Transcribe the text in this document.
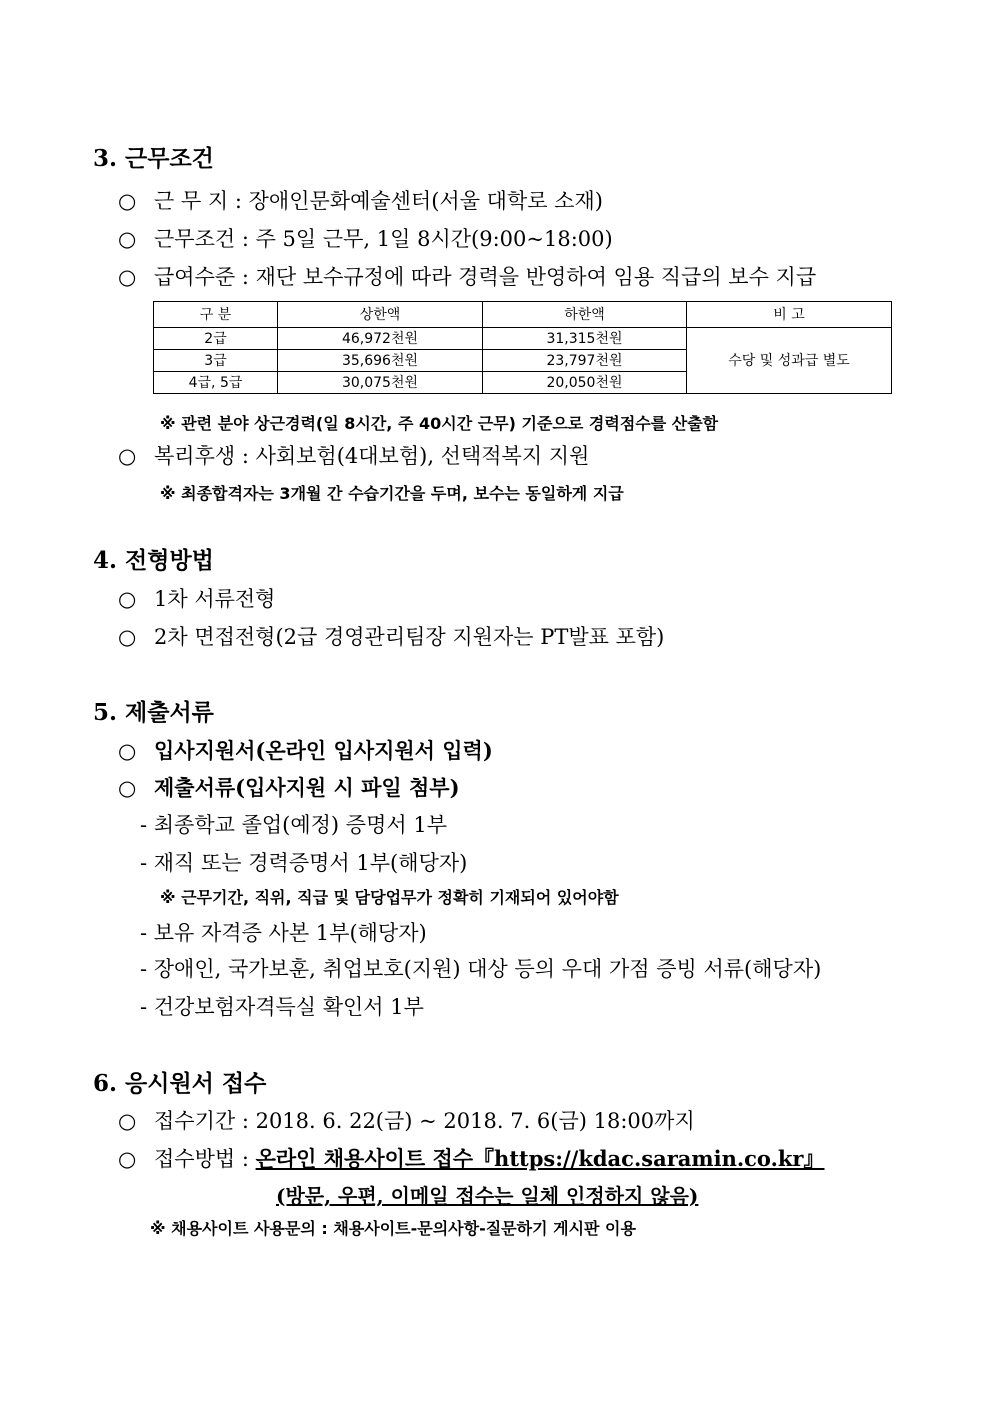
3. 근무조건
○ 근 무 지 : 장애인문화예술센터(서울 대학로 소재)
○ 근무조건 : 주 5일 근무, 1일 8시간(9:00~18:00)
○ 급여수준 : 재단 보수규정에 따라 경력을 반영하여 임용 직급의 보수 지급
구 분	상한액	하한액	비 고
2급	46,972천원	31,315천원	수당 및 성과급 별도
3급	35,696천원	23,797천원	
4급, 5급	30,075천원	20,050천원	
※ 관련 분야 상근경력(일 8시간, 주 40시간 근무) 기준으로 경력점수를 산출함
○ 복리후생 : 사회보험(4대보험), 선택적복지 지원
※ 최종합격자는 3개월 간 수습기간을 두며, 보수는 동일하게 지급
4. 전형방법
○ 1차 서류전형
○ 2차 면접전형(2급 경영관리팀장 지원자는 PT발표 포함)
5. 제출서류
○ 입사지원서(온라인 입사지원서 입력)
○ 제출서류(입사지원 시 파일 첨부)
- 최종학교 졸업(예정) 증명서 1부
- 재직 또는 경력증명서 1부(해당자)
※ 근무기간, 직위, 직급 및 담당업무가 정확히 기재되어 있어야함
- 보유 자격증 사본 1부(해당자)
- 장애인, 국가보훈, 취업보호(지원) 대상 등의 우대 가점 증빙 서류(해당자)
- 건강보험자격득실 확인서 1부
6. 응시원서 접수
○ 접수기간 : 2018. 6. 22(금) ~ 2018. 7. 6(금) 18:00까지
○ 접수방법 : 온라인 채용사이트 접수『https://kdac.saramin.co.kr』
(방문, 우편, 이메일 접수는 일체 인정하지 않음)
※ 채용사이트 사용문의 : 채용사이트-문의사항-질문하기 게시판 이용
